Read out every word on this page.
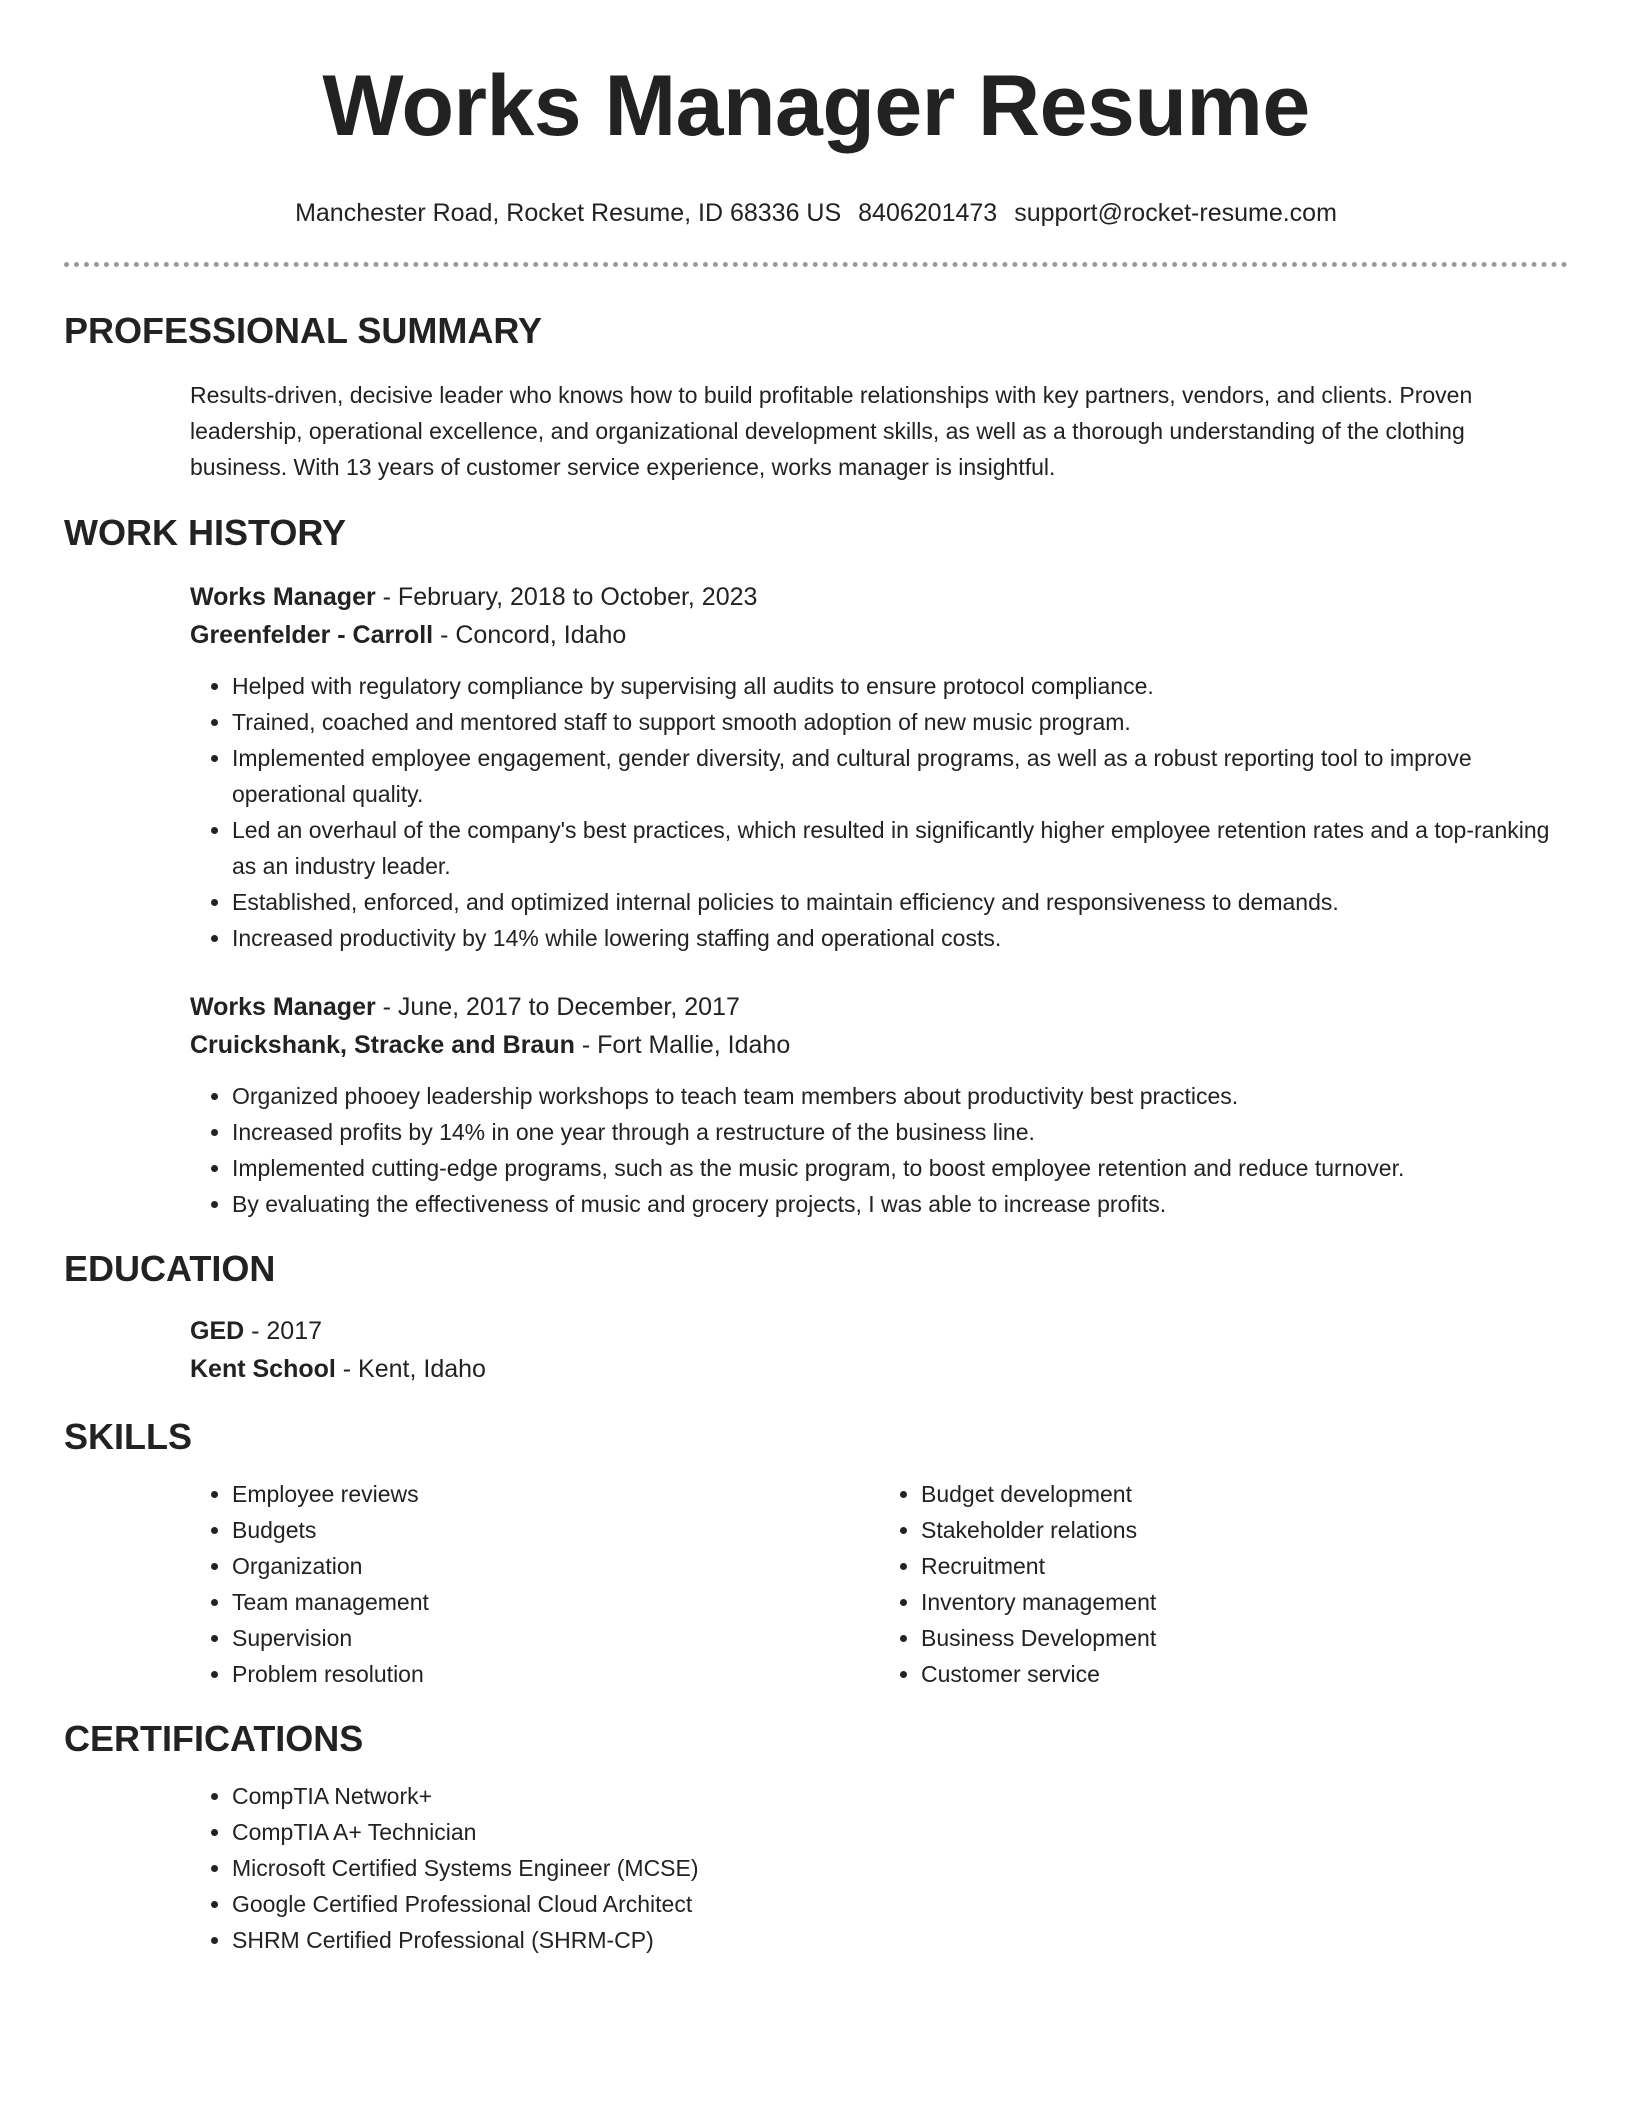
Works Manager Resume
Manchester Road, Rocket Resume, ID 68336 US 8406201473 support@rocket-resume.com
PROFESSIONAL SUMMARY

Results-driven, decisive leader who knows how to build profitable relationships with key partners, vendors, and clients. Proven leadership, operational excellence, and organizational development skills, as well as a thorough understanding of the clothing business. With 13 years of customer service experience, works manager is insightful.

WORK HISTORY

Works Manager - February, 2018 to October, 2023

Greenfelder - Carroll - Concord, Idaho

• Helped with regulatory compliance by supervising all audits to ensure protocol compliance.
• Trained, coached and mentored staff to support smooth adoption of new music program.
• Implemented employee engagement, gender diversity, and cultural programs, as well as a robust reporting tool to improve operational quality.
• Led an overhaul of the company's best practices, which resulted in significantly higher employee retention rates and a top-ranking as an industry leader.
• Established, enforced, and optimized internal policies to maintain efficiency and responsiveness to demands.
• Increased productivity by 14% while lowering staffing and operational costs.

Works Manager - June, 2017 to December, 2017

Cruickshank, Stracke and Braun - Fort Mallie, Idaho

• Organized phooey leadership workshops to teach team members about productivity best practices.
• Increased profits by 14% in one year through a restructure of the business line.
• Implemented cutting-edge programs, such as the music program, to boost employee retention and reduce turnover.
• By evaluating the effectiveness of music and grocery projects, I was able to increase profits.
EDUCATION

GED - 2017

Kent School - Kent, Idaho

SKILLS
• Employee reviews
• Budgets
• Organization
• Team management
• Supervision
• Problem resolution
• Budget development
• Stakeholder relations
• Recruitment
• Inventory management
• Business Development
• Customer service
CERTIFICATIONS
• CompTIA Network+
• CompTIA A+ Technician
• Microsoft Certified Systems Engineer (MCSE)
• Google Certified Professional Cloud Architect
• SHRM Certified Professional (SHRM-CP)
